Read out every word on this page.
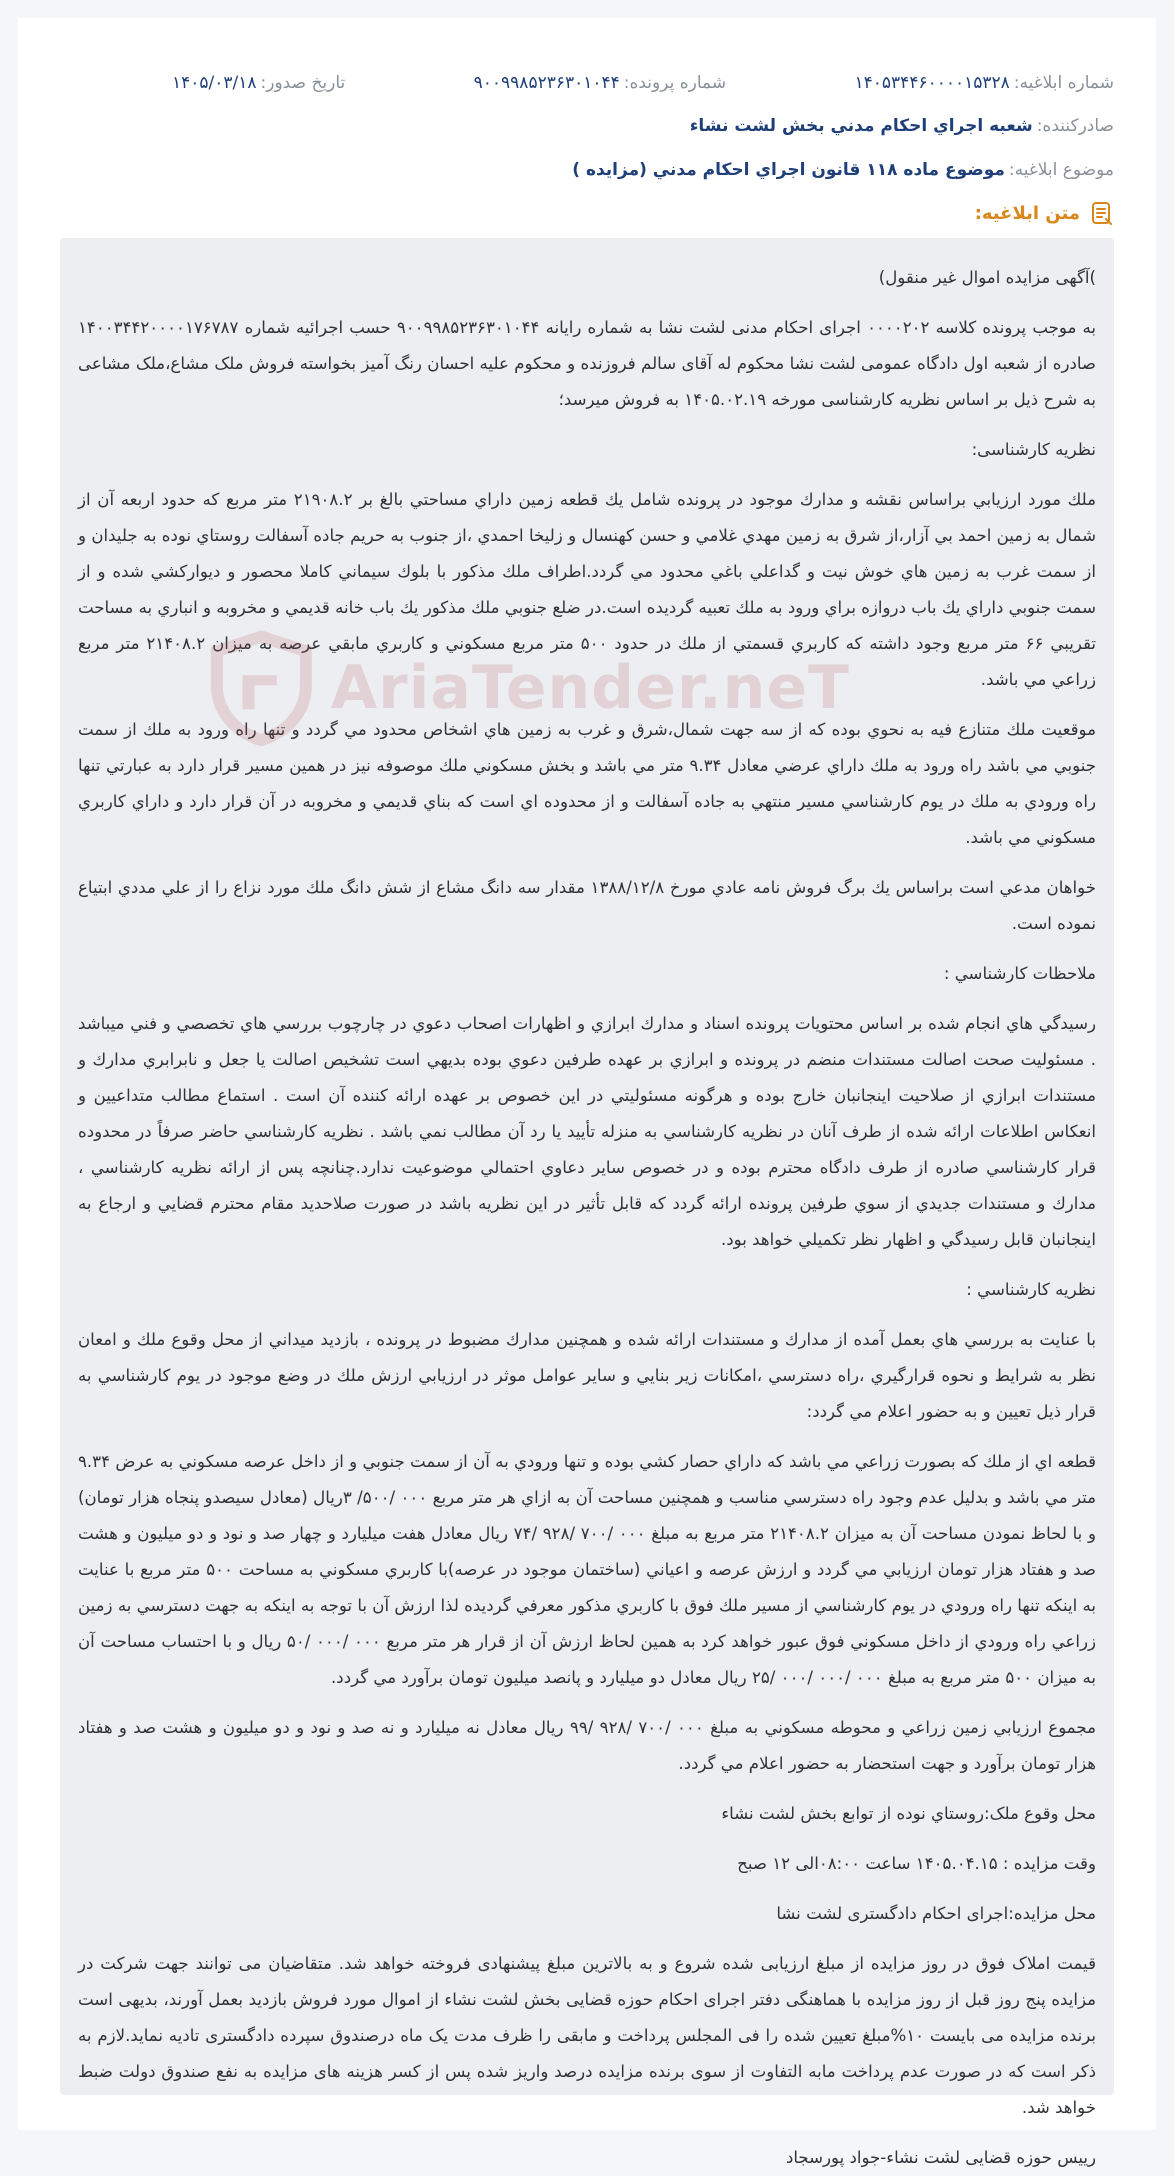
شماره ابلاغیه:
۱۴۰۵۳۴۴۶۰۰۰۰۱۵۳۲۸
شماره پرونده:
۹۰۰۹۹۸۵۲۳۶۳۰۱۰۴۴
تاریخ صدور:
۱۴۰۵/۰۳/۱۸
صادرکننده:
شعبه اجراي احکام مدني بخش لشت نشاء
موضوع ابلاغیه:
موضوع ماده ۱۱۸ قانون اجراي احکام مدني (مزايده )
متن ابلاغیه:
AriaTender.neT

)آگهی مزایده اموال غیر منقول)

به موجب پرونده کلاسه ۰۰۰۰۲۰۲ اجرای احکام مدنی لشت نشا به شماره رایانه ۹۰۰۹۹۸۵۲۳۶۳۰۱۰۴۴ حسب اجرائیه شماره ۱۴۰۰۳۴۴۲۰۰۰۰۱۷۶۷۸۷ صادره از شعبه اول دادگاه عمومی لشت نشا محکوم له آقای سالم فروزنده و محکوم علیه احسان رنگ آمیز بخواسته فروش ملک مشاع،ملک مشاعی به شرح ذیل بر اساس نظریه کارشناسی مورخه ۱۴۰۵.۰۲.۱۹ به فروش میرسد؛

نظریه کارشناسی:

ملك مورد ارزيابي براساس نقشه و مدارك موجود در پرونده شامل يك قطعه زمين داراي مساحتي بالغ بر ۲۱۹۰۸.۲ متر مربع كه حدود اربعه آن از شمال به زمين احمد بي آزار،از شرق به زمين مهدي غلامي و حسن كهنسال و زليخا احمدي ،از جنوب به حريم جاده آسفالت روستاي نوده به جليدان و از سمت غرب به زمين هاي خوش نيت و گداعلي باغي محدود مي گردد.اطراف ملك مذكور با بلوك سيماني كاملا محصور و ديواركشي شده و از سمت جنوبي داراي يك باب دروازه براي ورود به ملك تعبيه گرديده است.در ضلع جنوبي ملك مذكور يك باب خانه قديمي و مخروبه و انباري به مساحت تقريبي ۶۶ متر مربع وجود داشته كه كاربري قسمتي از ملك در حدود ۵۰۰ متر مربع مسكوني و كاربري مابقي عرصه به ميزان ۲۱۴۰۸.۲ متر مربع زراعي مي باشد.

موقعيت ملك متنازع فيه به نحوي بوده كه از سه جهت شمال،شرق و غرب به زمين هاي اشخاص محدود مي گردد و تنها راه ورود به ملك از سمت جنوبي مي باشد راه ورود به ملك داراي عرضي معادل ۹.۳۴ متر مي باشد و بخش مسكوني ملك موصوفه نيز در همين مسير قرار دارد به عبارتي تنها راه ورودي به ملك در يوم كارشناسي مسير منتهي به جاده آسفالت و از محدوده اي است كه بناي قديمي و مخروبه در آن قرار دارد و داراي كاربري مسكوني مي باشد.

خواهان مدعي است براساس يك برگ فروش نامه عادي مورخ ۱۳۸۸/۱۲/۸ مقدار سه دانگ مشاع از شش دانگ ملك مورد نزاع را از علي مددي ابتياع نموده است.

ملاحظات كارشناسي :

رسيدگي هاي انجام شده بر اساس محتويات پرونده اسناد و مدارك ابرازي و اظهارات اصحاب دعوي در چارچوب بررسي هاي تخصصي و فني ميباشد . مسئوليت صحت اصالت مستندات منضم در پرونده و ابرازي بر عهده طرفين دعوي بوده بديهي است تشخيص اصالت يا جعل و نابرابري مدارك و مستندات ابرازي از صلاحيت اينجانبان خارج بوده و هرگونه مسئوليتي در اين خصوص بر عهده ارائه كننده آن است . استماع مطالب متداعيين و انعكاس اطلاعات ارائه شده از طرف آنان در نظريه كارشناسي به منزله تأييد يا رد آن مطالب نمي باشد . نظريه كارشناسي حاضر صرفاً در محدوده قرار كارشناسي صادره از طرف دادگاه محترم بوده و در خصوص ساير دعاوي احتمالي موضوعيت ندارد.چنانچه پس از ارائه نظريه كارشناسي ، مدارك و مستندات جديدي از سوي طرفين پرونده ارائه گردد كه قابل تأثير در اين نظريه باشد در صورت صلاحديد مقام محترم قضايي و ارجاع به اينجانبان قابل رسيدگي و اظهار نظر تكميلي خواهد بود.

نظريه كارشناسي :

با عنايت به بررسي هاي بعمل آمده از مدارك و مستندات ارائه شده و همچنين مدارك مضبوط در پرونده ، بازديد ميداني از محل وقوع ملك و امعان نظر به شرايط و نحوه قرارگيري ،راه دسترسي ،امكانات زير بنايي و ساير عوامل موثر در ارزيابي ارزش ملك در وضع موجود در يوم كارشناسي به قرار ذيل تعيين و به حضور اعلام مي گردد:

قطعه اي از ملك كه بصورت زراعي مي باشد كه داراي حصار كشي بوده و تنها ورودي به آن از سمت جنوبي و از داخل عرصه مسكوني به عرض ۹.۳۴ متر مي باشد و بدليل عدم وجود راه دسترسي مناسب و همچنين مساحت آن به ازاي هر متر مربع ۰۰۰ /۵۰۰/ ۳ريال (معادل سيصدو پنجاه هزار تومان) و با لحاظ نمودن مساحت آن به ميزان ۲۱۴۰۸.۲ متر مربع به مبلغ ۰۰۰ /۷۰۰ /۹۲۸ /۷۴ ريال معادل هفت ميليارد و چهار صد و نود و دو ميليون و هشت صد و هفتاد هزار تومان ارزيابي مي گردد و ارزش عرصه و اعياني (ساختمان موجود در عرصه)با كاربري مسكوني به مساحت ۵۰۰ متر مربع با عنايت به اينكه تنها راه ورودي در يوم كارشناسي از مسير ملك فوق با كاربري مذكور معرفي گرديده لذا ارزش آن با توجه به اينكه به جهت دسترسي به زمين زراعي راه ورودي از داخل مسكوني فوق عبور خواهد كرد به همين لحاظ ارزش آن از قرار هر متر مربع ۰۰۰ /۰۰۰ /۵۰ ريال و با احتساب مساحت آن به ميزان ۵۰۰ متر مربع به مبلغ ۰۰۰ /۰۰۰ /۰۰۰ /۲۵ ريال معادل دو ميليارد و پانصد ميليون تومان برآورد مي گردد.

مجموع ارزيابي زمين زراعي و محوطه مسكوني به مبلغ ۰۰۰ /۷۰۰ /۹۲۸ /۹۹ ريال معادل نه ميليارد و نه صد و نود و دو ميليون و هشت صد و هفتاد هزار تومان برآورد و جهت استحضار به حضور اعلام مي گردد.

محل وقوع ملک:روستاي نوده از توابع بخش لشت نشاء

وقت مزایده : ۱۴۰۵.۰۴.۱۵ ساعت ۰۸:۰۰الی ۱۲ صبح

محل مزایده:اجرای احکام دادگستری لشت نشا

قیمت املاک فوق در روز مزایده از مبلغ ارزیابی شده شروع و به بالاترین مبلغ پیشنهادی فروخته خواهد شد. متقاضیان می توانند جهت شرکت در مزایده پنج روز قبل از روز مزایده با هماهنگی دفتر اجرای احکام حوزه قضایی بخش لشت نشاء از اموال مورد فروش بازدید بعمل آورند، بدیهی است برنده مزایده می بایست ۱۰%مبلغ تعیین شده را فی المجلس پرداخت و مابقی را ظرف مدت یک ماه درصندوق سپرده دادگستری تادیه نماید.لازم به ذکر است که در صورت عدم پرداخت مابه التفاوت از سوی برنده مزایده درصد واریز شده پس از کسر هزینه های مزایده به نفع صندوق دولت ضبط خواهد شد.

رییس حوزه قضایی لشت نشاء-جواد پورسجاد
